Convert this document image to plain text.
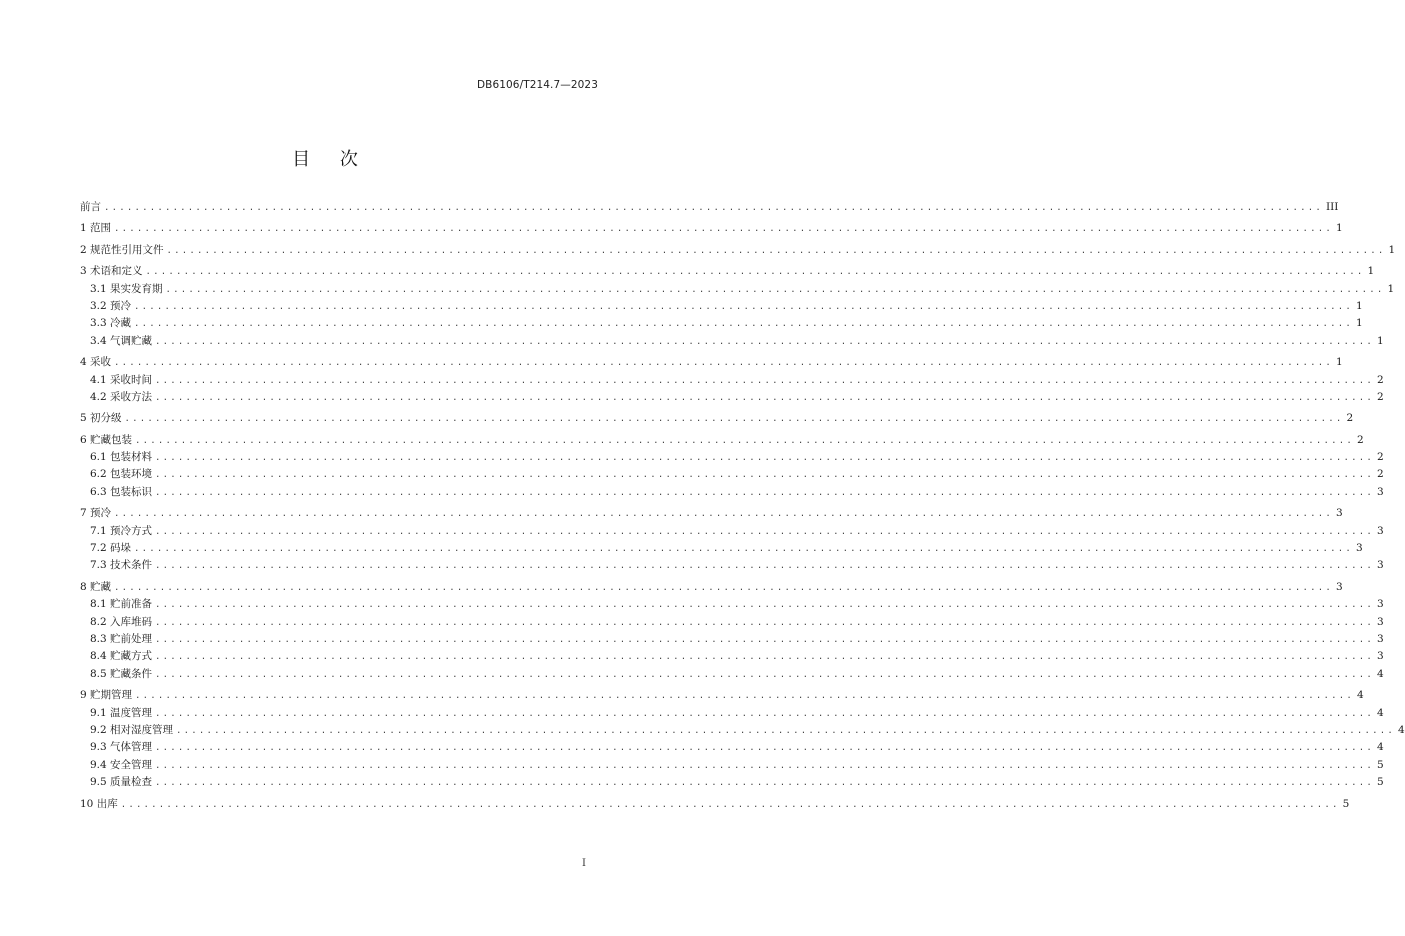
DB6106/T214.7—2023
目 次
前言 ................................................................................................................................................................ III
1 范围 ................................................................................................................................................................ 1
2 规范性引用文件 ................................................................................................................................................................ 1
3 术语和定义 ................................................................................................................................................................ 1
3.1 果实发育期 ................................................................................................................................................................ 1
3.2 预冷 ................................................................................................................................................................ 1
3.3 冷藏 ................................................................................................................................................................ 1
3.4 气调贮藏 ................................................................................................................................................................ 1
4 采收 ................................................................................................................................................................ 1
4.1 采收时间 ................................................................................................................................................................ 2
4.2 采收方法 ................................................................................................................................................................ 2
5 初分级 ................................................................................................................................................................ 2
6 贮藏包装 ................................................................................................................................................................ 2
6.1 包装材料 ................................................................................................................................................................ 2
6.2 包装环境 ................................................................................................................................................................ 2
6.3 包装标识 ................................................................................................................................................................ 3
7 预冷 ................................................................................................................................................................ 3
7.1 预冷方式 ................................................................................................................................................................ 3
7.2 码垛 ................................................................................................................................................................ 3
7.3 技术条件 ................................................................................................................................................................ 3
8 贮藏 ................................................................................................................................................................ 3
8.1 贮前准备 ................................................................................................................................................................ 3
8.2 入库堆码 ................................................................................................................................................................ 3
8.3 贮前处理 ................................................................................................................................................................ 3
8.4 贮藏方式 ................................................................................................................................................................ 3
8.5 贮藏条件 ................................................................................................................................................................ 4
9 贮期管理 ................................................................................................................................................................ 4
9.1 温度管理 ................................................................................................................................................................ 4
9.2 相对湿度管理 ................................................................................................................................................................ 4
9.3 气体管理 ................................................................................................................................................................ 4
9.4 安全管理 ................................................................................................................................................................ 5
9.5 质量检查 ................................................................................................................................................................ 5
10 出库 ................................................................................................................................................................ 5
I
